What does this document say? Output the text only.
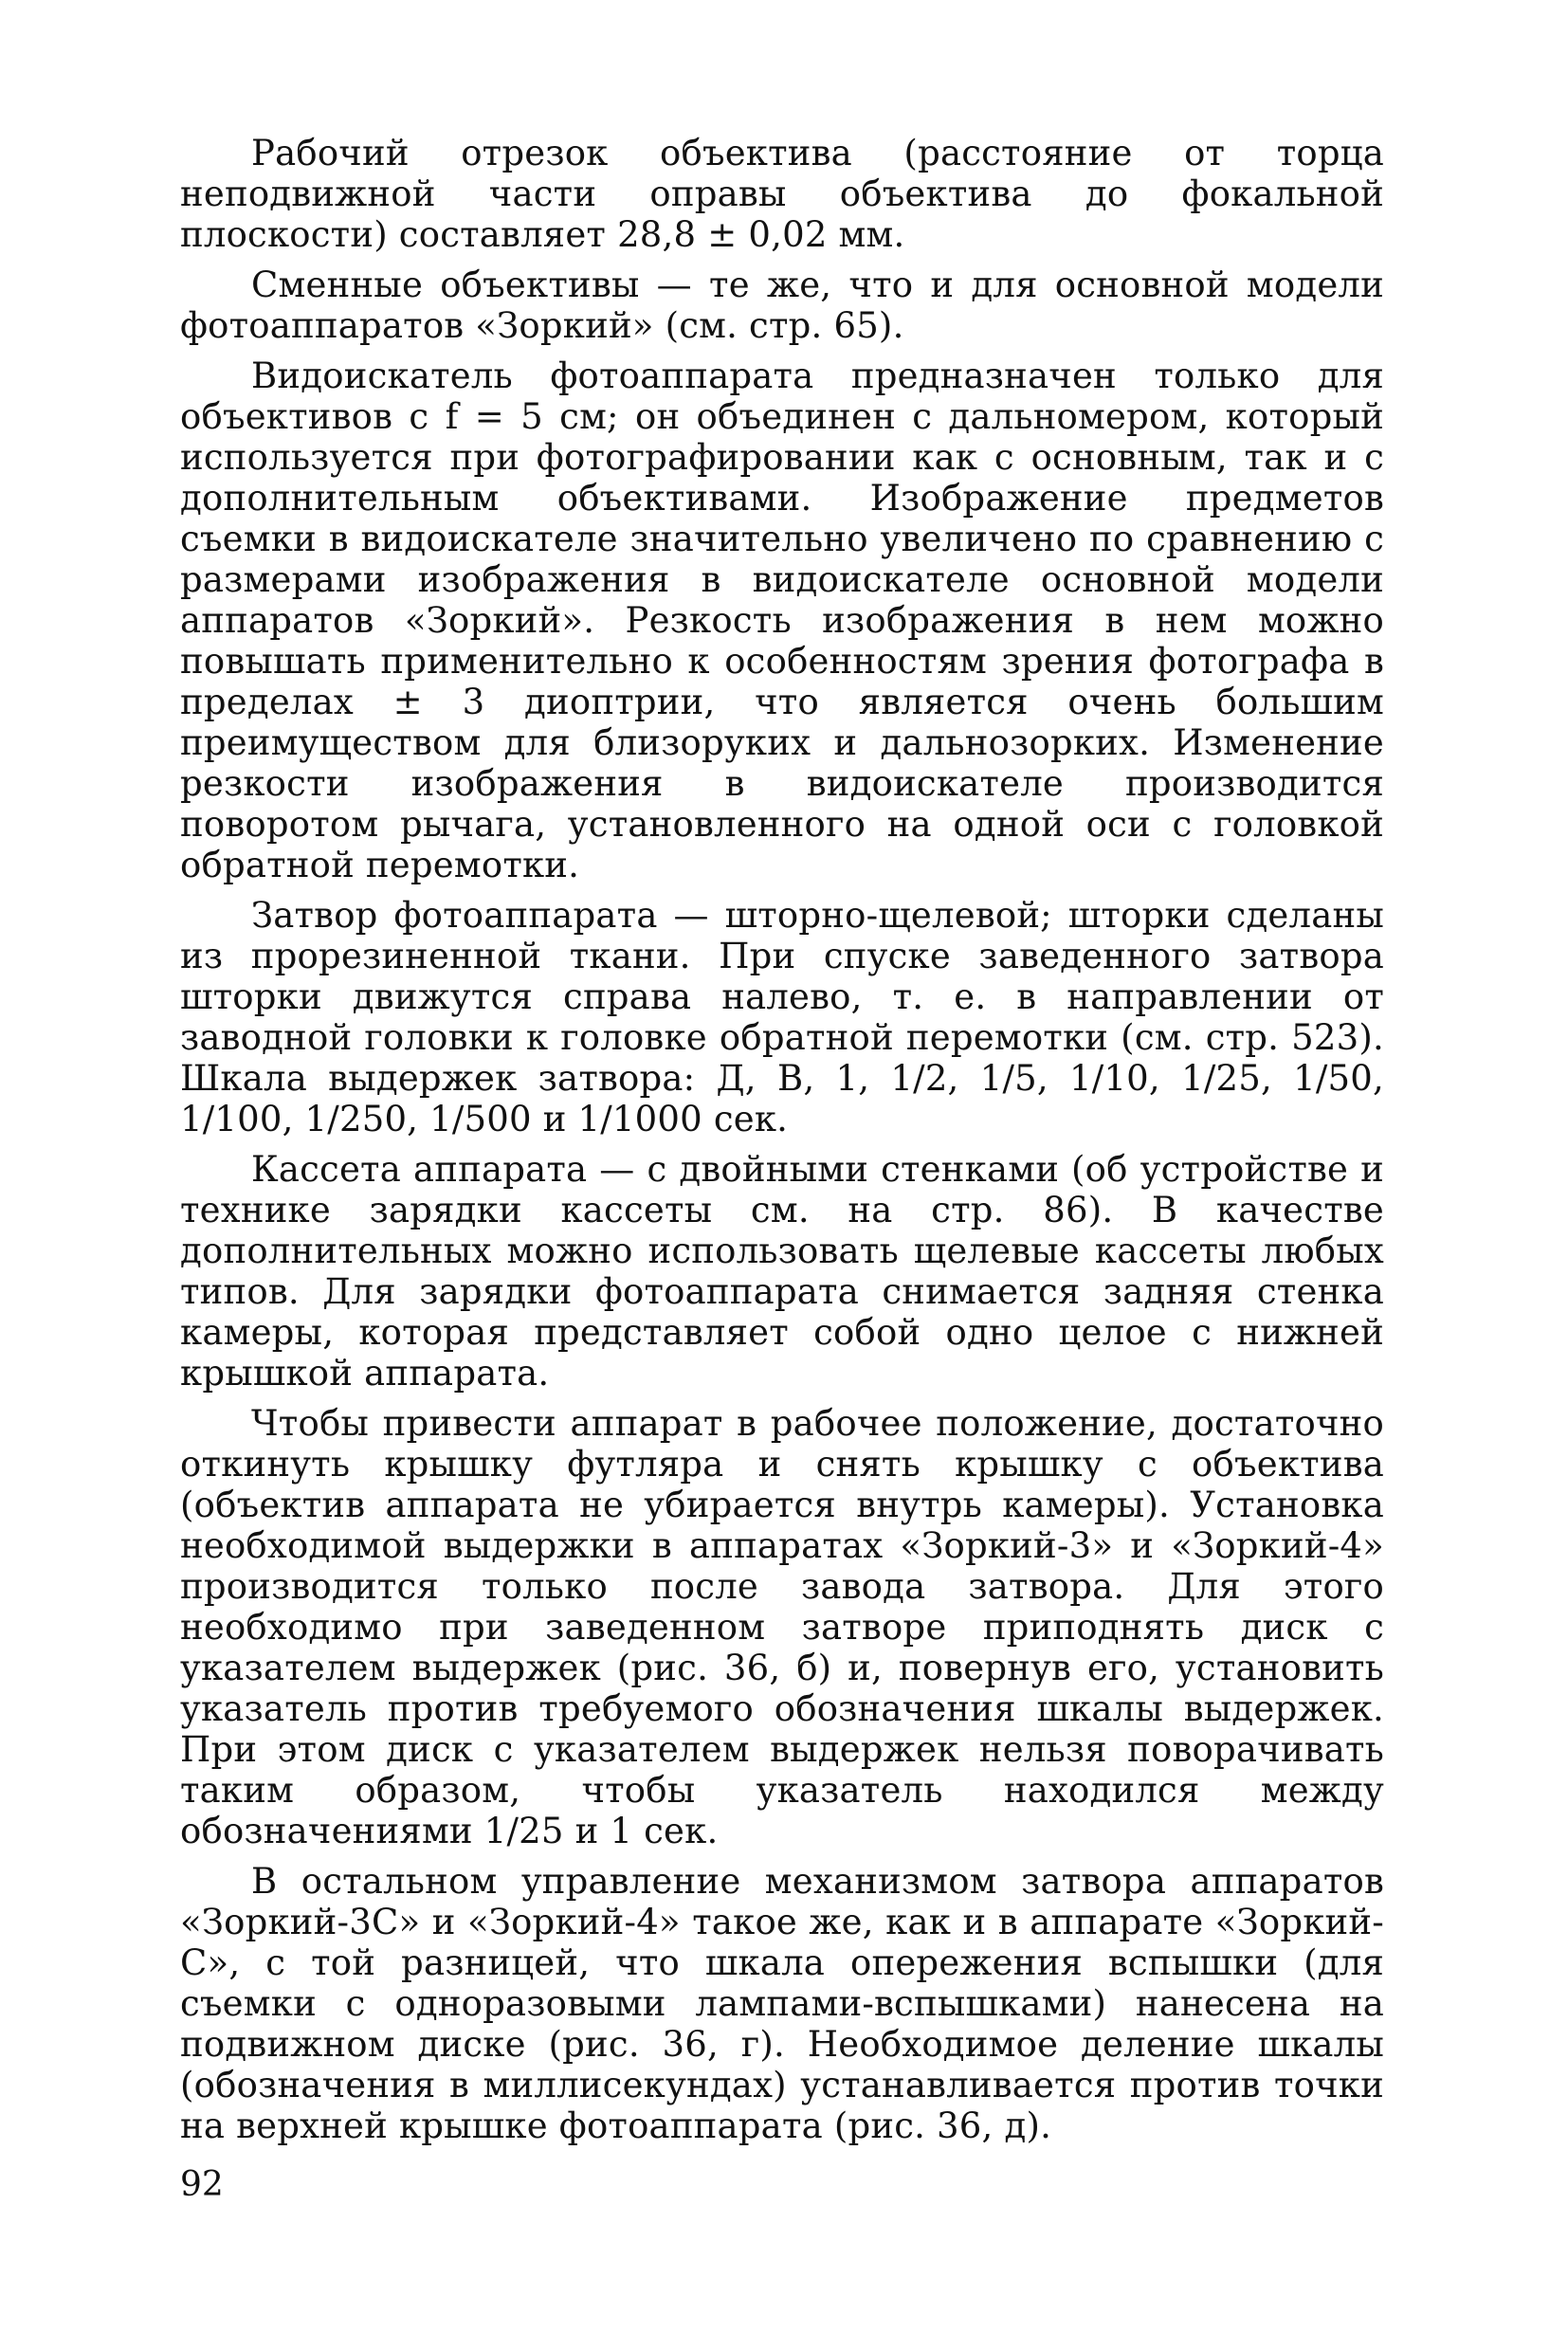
Рабочий отрезок объектива (расстояние от торца неподвижной части оправы объектива до фокальной плоскости) составляет 28,8 ± 0,02 мм.

Сменные объективы — те же, что и для основной модели фотоаппаратов «Зоркий» (см. стр. 65).

Видоискатель фотоаппарата предназначен только для объективов с f = 5 см; он объединен с дальномером, который используется при фотографировании как с основным, так и с дополнительным объективами. Изображение предметов съемки в видоискателе значительно увеличено по сравнению с размерами изображения в видоискателе основной модели аппаратов «Зоркий». Резкость изображения в нем можно повышать применительно к особенностям зрения фотографа в пределах ± 3 диоптрии, что является очень большим преимуществом для близоруких и дальнозорких. Изменение резкости изображения в видоискателе производится поворотом рычага, установленного на одной оси с головкой обратной перемотки.

Затвор фотоаппарата — шторно-щелевой; шторки сделаны из прорезиненной ткани. При спуске заведенного затвора шторки движутся справа налево, т. е. в направлении от заводной головки к головке обратной перемотки (см. стр. 523). Шкала выдержек затвора: Д, В, 1, 1/2, 1/5, 1/10, 1/25, 1/50, 1/100, 1/250, 1/500 и 1/1000 сек.

Кассета аппарата — с двойными стенками (об устройстве и технике зарядки кассеты см. на стр. 86). В качестве дополнительных можно использовать щелевые кассеты любых типов. Для зарядки фотоаппарата снимается задняя стенка камеры, которая представляет собой одно целое с нижней крышкой аппарата.

Чтобы привести аппарат в рабочее положение, достаточно откинуть крышку футляра и снять крышку с объектива (объектив аппарата не убирается внутрь камеры). Установка необходимой выдержки в аппаратах «Зоркий-3» и «Зоркий-4» производится только после завода затвора. Для этого необходимо при заведенном затворе приподнять диск с указателем выдержек (рис. 36, б) и, повернув его, установить указатель против требуемого обозначения шкалы выдержек. При этом диск с указателем выдержек нельзя поворачивать таким образом, чтобы указатель находился между обозначениями 1/25 и 1 сек.

В остальном управление механизмом затвора аппаратов «Зоркий-3С» и «Зоркий-4» такое же, как и в аппарате «Зоркий-С», с той разницей, что шкала опережения вспышки (для съемки с одноразовыми лампами-вспышками) нанесена на подвижном диске (рис. 36, г). Необходимое деление шкалы (обозначения в миллисекундах) устанавливается против точки на верхней крышке фотоаппарата (рис. 36, д).

92
